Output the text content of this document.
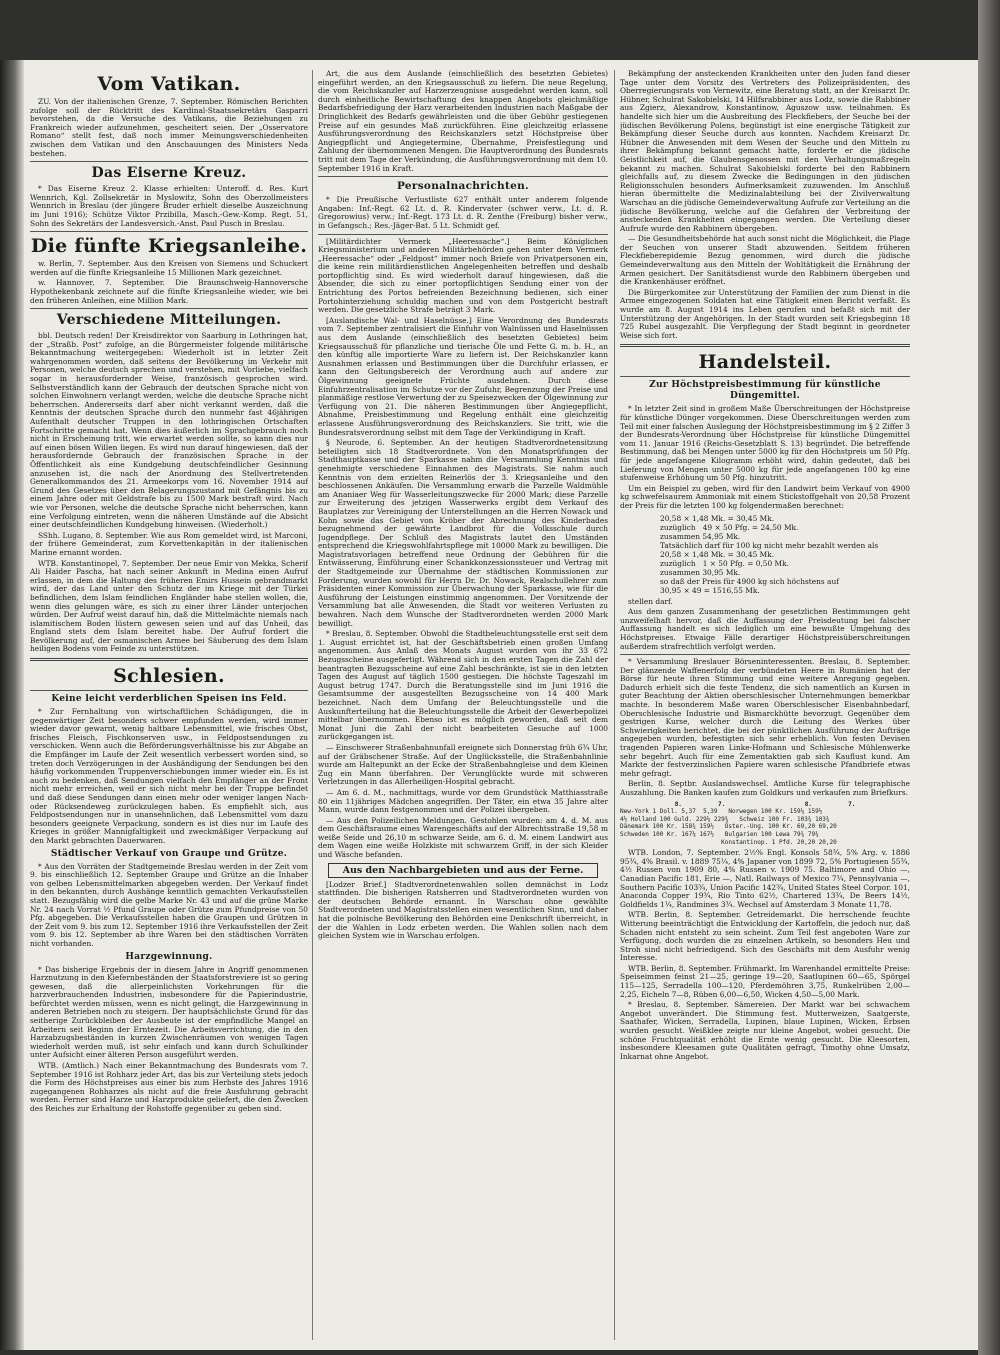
Vom Vatikan.

ZU. Von der italienischen Grenze, 7. September. Römischen Berichten zufolge soll der Rücktritt des Kardinal-Staatssekretärs Gasparri bevorstehen, da die Versuche des Vatikans, die Beziehungen zu Frankreich wieder aufzunehmen, gescheitert seien. Der „Osservatore Romano“ stellt fest, daß noch immer Meinungsverschiedenheiten zwischen dem Vatikan und den Anschauungen des Ministers Neda bestehen.

Das Eiserne Kreuz.

* Das Eiserne Kreuz 2. Klasse erhielten: Unteroff. d. Res. Kurt Wennrich, Kgl. Zollsekretär in Myslowitz, Sohn des Oberzollmeisters Wennrich in Breslau (der jüngere Bruder erhielt dieselbe Auszeichnung im Juni 1916); Schütze Viktor Przibilla, Masch.-Gew.-Komp. Regt. 51, Sohn des Sekretärs der Landesversich.-Anst. Paul Pusch in Breslau.

Die fünfte Kriegsanleihe.

w. Berlin, 7. September. Aus den Kreisen von Siemens und Schuckert werden auf die fünfte Kriegsanleihe 15 Millionen Mark gezeichnet.

w. Hannover, 7. September. Die Braunschweig-Hannoversche Hypothekenbank zeichnete auf die fünfte Kriegsanleihe wieder, wie bei den früheren Anleihen, eine Million Mark.

Verschiedene Mitteilungen.

bbl. Deutsch reden! Der Kreisdirektor von Saarburg in Lothringen hat, der „Straßb. Post“ zufolge, an die Bürgermeister folgende militärische Bekanntmachung weitergegeben: Wiederholt ist in letzter Zeit wahrgenommen worden, daß seitens der Bevölkerung im Verkehr mit Personen, welche deutsch sprechen und verstehen, mit Vorliebe, vielfach sogar in herausfordernder Weise, französisch gesprochen wird. Selbstverständlich kann der Gebrauch der deutschen Sprache nicht von solchen Einwohnern verlangt werden, welche die deutsche Sprache nicht beherrschen. Andererseits darf aber nicht verkannt werden, daß die Kenntnis der deutschen Sprache durch den nunmehr fast 46jährigen Aufenthalt deutscher Truppen in den lothringischen Ortschaften Fortschritte gemacht hat. Wenn dies äußerlich im Sprachgebrauch noch nicht in Erscheinung tritt, wie erwartet werden sollte, so kann dies nur auf einen bösen Willen liegen. Es wird nun darauf hingewiesen, daß der herausfordernde Gebrauch der französischen Sprache in der Öffentlichkeit als eine Kundgebung deutschfeindlicher Gesinnung anzusehen ist, die nach der Anordnung des Stellvertretenden Generalkommandos des 21. Armeekorps vom 16. November 1914 auf Grund des Gesetzes über den Belagerungszustand mit Gefängnis bis zu einem Jahre oder mit Geldstrafe bis zu 1500 Mark bestraft wird. Nach wie vor Personen, welche die deutsche Sprache nicht beherrschen, kann eine Verfolgung eintreten, wenn die näheren Umstände auf die Absicht einer deutschfeindlichen Kundgebung hinweisen. (Wiederholt.)

SShh. Lugano, 8. September. Wie aus Rom gemeldet wird, ist Marconi, der frühere Gemeinderat, zum Korvettenkapitän in der italienischen Marine ernannt worden.

WTB. Konstantinopel, 7. September. Der neue Emir von Mekka, Scherif Ali Haider Pascha, hat nach seiner Ankunft in Medina einen Aufruf erlassen, in dem die Haltung des früheren Emirs Hussein gebrandmarkt wird, der das Land unter den Schutz der im Kriege mit der Türkei befindlichen, dem Islam feindlichen Engländer habe stellen wollen, die, wenn dies gelungen wäre, es sich zu einer ihrer Länder unterjochen würden. Der Aufruf weist darauf hin, daß die Mittelmächte niemals nach islamitischem Boden lüstern gewesen seien und auf das Unheil, das England stets dem Islam bereitet habe. Der Aufruf fordert die Bevölkerung auf, der osmanischen Armee bei Säuberung des dem Islam heiligen Bodens vom Feinde zu unterstützen.

Schlesien.
Keine leicht verderblichen Speisen ins Feld.

* Zur Fernhaltung von wirtschaftlichen Schädigungen, die in gegenwärtiger Zeit besonders schwer empfunden werden, wird immer wieder davor gewarnt, wenig haltbare Lebensmittel, wie frisches Obst, frisches Fleisch, Fischkonserven usw., in Feldpostsendungen zu verschicken. Wenn auch die Beförderungsverhältnisse bis zur Abgabe an die Empfänger im Laufe der Zeit wesentlich verbessert worden sind, so treten doch Verzögerungen in der Aushändigung der Sendungen bei den häufig vorkommenden Truppenverschiebungen immer wieder ein. Es ist auch zu bedenken, daß Sendungen vielfach den Empfänger an der Front nicht mehr erreichen, weil er sich nicht mehr bei der Truppe befindet und daß diese Sendungen dann einen mehr oder weniger langen Nach- oder Rücksendeweg zurückzulegen haben. Es empfiehlt sich, aus Feldpostsendungen nur in unansehnlichen, daß Lebensmittel vom dazu besonders geeignete Verpackung, sondern es ist dies nur im Laufe des Krieges in größer Mannigfaltigkeit und zweckmäßiger Verpackung auf den Markt gebrachten Dauerwaren.

Städtischer Verkauf von Graupe und Grütze.

* Aus den Vorräten der Stadtgemeinde Breslau werden in der Zeit vom 9. bis einschließlich 12. September Graupe und Grütze an die Inhaber von gelben Lebensmittelmarken abgegeben werden. Der Verkauf findet in den bekannten, durch Aushänge kenntlich gemachten Verkaufsstellen statt. Bezugsfähig wird die gelbe Marke Nr. 43 und auf die grüne Marke Nr. 24 nach Vorrat ½ Pfund Graupe oder Grütze zum Pfundpreise von 50 Pfg. abgegeben. Die Verkaufsstellen haben die Graupen und Grützen in der Zeit vom 9. bis zum 12. September 1916 ihre Verkaufsstellen der Zeit vom 9. bis 12. September ab ihre Waren bei den städtischen Vorräten nicht vorhanden.

Harzgewinnung.

* Das bisherige Ergebnis der in diesem Jahre in Angriff genommenen Harznutzung in den Kiefernbeständen der Staatsforstreviere ist so gering gewesen, daß die allerpeinlichsten Vorkehrungen für die harzverbrauchenden Industrien, insbesondere für die Papierindustrie, befürchtet werden müssen, wenn es nicht gelingt, die Harzgewinnung in anderen Betrieben noch zu steigern. Der hauptsächlichste Grund für das seitherige Zurückbleiben der Ausbeute ist der empfindliche Mangel an Arbeitern seit Beginn der Erntezeit. Die Arbeitsverrichtung, die in den Harzabzugsbeständen in kurzen Zwischenräumen von wenigen Tagen wiederholt werden muß, ist sehr einfach und kann durch Schulkinder unter Aufsicht einer älteren Person ausgeführt werden.

WTB. (Amtlich.) Nach einer Bekanntmachung des Bundesrats vom 7. September 1916 ist Rohharz jeder Art, das bis zur Verteilung stets jedoch die Form des Höchstpreises aus einer bis zum Herbste des Jahres 1916 zugegangenen Rohharzes als nicht auf die freie Ausfuhrung gebracht worden. Ferner sind Harze und Harzprodukte geliefert, die den Zwecken des Reiches zur Erhaltung der Rohstoffe gegenüber zu geben sind.

Art, die aus dem Auslande (einschließlich des besetzten Gebietes) eingeführt werden, an den Kriegsausschuß zu liefern. Die neue Regelung, die vom Reichskanzler auf Harzerzeugnisse ausgedehnt werden kann, soll durch einheitliche Bewirtschaftung des knappen Angebots gleichmäßige Bedarfsbefriedigung der Harz verarbeitenden Industrien nach Maßgabe der Dringlichkeit des Bedarfs gewährleisten und die über Gebühr gestiegenen Preise auf ein gesundes Maß zurückführen. Eine gleichzeitig erlassene Ausführungsverordnung des Reichskanzlers setzt Höchstpreise über Angiegpflicht und Angiegetermine, Übernahme, Preisfestlegung und Zahlung der übernommenen Mengen. Die Hauptverordnung des Bundesrats tritt mit dem Tage der Verkündung, die Ausführungsverordnung mit dem 10. September 1916 in Kraft.

Personalnachrichten.

* Die Preußische Verlustliste 627 enthält unter anderem folgende Angaben: Inf.-Regt. 62 Lt. d. R. Kindervater (schwer verw., Lt. d. R. Gregorowius) verw.; Inf.-Regt. 173 Lt. d. R. Zenthe (Freiburg) bisher verw., in Gefangsch.; Res.-Jäger-Bat. 5 Lt. Schmidt gef.

[Militärdichter Vermerk „Heeressache“.] Beim Königlichen Kriegsministerium und anderen Militärbehörden gehen unter dem Vermerk „Heeressache“ oder „Feldpost“ immer noch Briefe von Privatpersonen ein, die keine rein militärdienstlichen Angelegenheiten betreffen und deshalb portopflichtig sind. Es wird wiederholt darauf hingewiesen, daß die Absender, die sich zu einer portopflichtigen Sendung einer von der Entrichtung des Portos befreienden Bezeichnung bedienen, sich einer Portohinterziehung schuldig machen und von dem Postgericht bestraft werden. Die gesetzliche Strafe beträgt 3 Mark.

[Auslandische Wal- und Haselnüsse.] Eine Verordnung des Bundesrats vom 7. September zentralisiert die Einfuhr von Walnüssen und Haselnüssen aus dem Auslande (einschließlich des besetzten Gebietes) beim Kriegsausschuß für pflanzliche und tierische Öle und Fette G. m. b. H., an den künftig alle importierte Ware zu liefern ist. Der Reichskanzler kann Ausnahmen erlassen und Bestimmungen über die Durchfuhr erlassen, er kann den Geltungsbereich der Verordnung auch auf andere zur Ölgewinnung geeignete Früchte ausdehnen. Durch diese Einfuhrzentralisation im Schutze vor der Zufuhr, Begrenzung der Preise und planmäßige restlose Verwertung der zu Speisezwecken der Ölgewinnung zur Verfügung von 21. Die näheren Bestimmungen über Angiegepflicht, Abnahme, Preisbestimmung und Regelung enthält eine gleichzeitig erlassene Ausführungsverordnung des Reichskanzlers. Sie tritt, wie die Bundesratsverordnung selbst mit dem Tage der Verkündigung in Kraft.

§ Neurode, 6. September. An der heutigen Stadtverordnetensitzung beteiligten sich 18 Stadtverordnete. Von den Monatsprüfungen der Stadthauptkasse und der Sparkasse nahm die Versammlung Kenntnis und genehmigte verschiedene Einnahmen des Magistrats. Sie nahm auch Kenntnis von dem erzielten Reinerlös der 3. Kriegsanleihe und den beschlossenen Ankäufen. Die Versammlung erwarb die Parzelle Waldmühle am Ananiaer Weg für Wasserleitungszwecke für 2000 Mark; diese Parzelle zur Erweiterung des jetzigen Wasserwerks ergibt dem Verkauf des Bauplatzes zur Vereinigung der Unterstellungen an die Herren Nowack und Kohn sowie das Gebiet von Kröber der Abrechnung des Kinderbades bezugnehmend der gewährte Landbrot für die Volksschule durch Jugendpflege. Der Schluß des Magistrats lautet den Umständen entsprechend die Kriegswohlfahrtspflege mit 10000 Mark zu bewilligen. Die Magistratsvorlagen betreffend neue Ordnung der Gebühren für die Entwässerung, Einführung einer Schankkonzessionssteuer und Vertrag mit der Stadtgemeinde zur Übernahme der städtischen Kommissionen zur Forderung, wurden sowohl für Herrn Dr. Dr. Nowack, Realschullehrer zum Präsidenten einer Kommission zur Überwachung der Sparkasse, wie für die Ausführung der Leistungen einstimmig angenommen. Der Vorsitzende der Versammlung bat alle Anwesenden, die Stadt vor weiteren Verlusten zu bewahren. Nach dem Wunsche der Stadtverordneten werden 2000 Mark bewilligt.

* Breslau, 8. September. Obwohl die Stadtbeleuchtungsstelle erst seit dem 1. August errichtet ist, hat der Geschäftsbetrieb einen großen Umfang angenommen. Aus Anlaß des Monats August wurden von ihr 33 672 Bezugsscheine ausgefertigt. Während sich in den ersten Tagen die Zahl der beantragten Bezugsscheine auf eine Zahl beschränkte, ist sie in den letzten Tagen des August auf täglich 1500 gestiegen. Die höchste Tageszahl im August betrug 1747. Durch die Beratungsstelle sind im Juni 1916 die Gesamtsumme der ausgestellten Bezugsscheine von 14 400 Mark bezeichnet. Nach dem Umfang der Beleuchtungsstelle und die Auskunfterteilung hat die Beleuchtungsstelle die Arbeit der Gewerbepolizei mittelbar übernommen. Ebenso ist es möglich geworden, daß seit dem Monat Juni die Zahl der nicht bearbeiteten Gesuche auf 1000 zurückgegangen ist.

— Einschwerer Straßenbahnunfall ereignete sich Donnerstag früh 6¾ Uhr, auf der Gräbschener Straße. Auf der Unglücksstelle, die Straßenbahnlinie wurde am Haltepunkt an der Ecke der Straßenbahngleise und dem Kleinen Zug ein Mann überfahren. Der Verunglückte wurde mit schweren Verletzungen in das Allerheiligen-Hospital gebracht.

— Am 6. d. M., nachmittags, wurde vor dem Grundstück Matthiasstraße 80 ein 11jähriges Mädchen angegriffen. Der Täter, ein etwa 35 Jahre alter Mann, wurde dann festgenommen und der Polizei übergeben.

— Aus den Polizeilichen Meldungen. Gestohlen wurden: am 4. d. M. aus dem Geschäftsraume eines Warengeschäfts auf der Albrechtsstraße 19,58 m weiße Seide und 26,10 m schwarze Seide, am 6. d. M. einem Landwirt aus dem Wagen eine weiße Holzkiste mit schwarzem Griff, in der sich Kleider und Wäsche befanden.

Aus den Nachbargebieten und aus der Ferne.

[Lodzer Brief.] Stadtverordnetenwahlen sollen demnächst in Lodz stattfinden. Die bisherigen Ratsherren und Stadtverordneten wurden von der deutschen Behörde ernannt. In Warschau ohne gewählte Stadtverordneten und Magistratsstellen einen wesentlichen Sinn, und daher hat die polnische Bevölkerung den Behörden eine Denkschrift überreicht, in der die Wahlen in Lodz erbeten werden. Die Wahlen sollen nach dem gleichen System wie in Warschau erfolgen.

Bekämpfung der ansteckenden Krankheiten unter den Juden fand dieser Tage unter dem Vorsitz des Vertreters des Polizeipräsidenten, des Oberregierungsrats von Vernewitz, eine Beratung statt, an der Kreisarzt Dr. Hübner, Schulrat Sakobielski, 14 Hilfsrabbiner aus Lodz, sowie die Rabbiner aus Zgierz, Alexandrow, Konstantinow, Aguszow usw. teilnahmen. Es handelte sich hier um die Ausbreitung des Fleckfiebers, der Seuche bei der jüdischen Bevölkerung Polens, begünstigt ist eine energische Tätigkeit zur Bekämpfung dieser Seuche durch aus konnten. Nachdem Kreisarzt Dr. Hübner die Anwesenden mit dem Wesen der Seuche und den Mitteln zu ihrer Bekämpfung bekannt gemacht hatte, forderte er die jüdische Geistlichkeit auf, die Glaubensgenossen mit den Verhaltungsmaßregeln bekannt zu machen. Schulrat Sakobielski forderte bei den Rabbinern gleichfalls auf, zu diesem Zwecke die Bedingungen in den jüdischen Religionsschulen besonders Aufmerksamkeit zuzuwenden. Im Anschluß hieran übermittelte die Medizinalabteilung bei der Zivilverwaltung Warschau an die jüdische Gemeindeverwaltung Aufrufe zur Verteilung an die jüdische Bevölkerung, welche auf die Gefahren der Verbreitung der ansteckenden Krankheiten eingegangen werden. Die Verteilung dieser Aufrufe wurde den Rabbinern übergeben.

— Die Gesundheitsbehörde hat auch sonst nicht die Möglichkeit, die Plage der Seuchen von unserer Stadt abzuwenden. Seitdem früheren Fleckfieberepidemie Bezug genommen, wird durch die jüdische Gemeindeverwaltung aus den Mitteln der Wohltätigkeit die Ernährung der Armen gesichert. Der Sanitätsdienst wurde den Rabbinern übergeben und die Krankenhäuser eröffnet.

Die Bürgerkomitee zur Unterstützung der Familien der zum Dienst in die Armee eingezogenen Soldaten hat eine Tätigkeit einen Bericht verfaßt. Es wurde am 8. August 1914 ins Leben gerufen und befaßt sich mit der Unterstützung der Angehörigen. In der Stadt wurden seit Kriegsbeginn 18 725 Rubel ausgezahlt. Die Verpflegung der Stadt beginnt in geordneter Weise sich fort.

Handelsteil.
Zur Höchstpreisbestimmung für künstliche Düngemittel.

* In letzter Zeit sind in großem Maße Überschreitungen der Höchstpreise für künstliche Dünger vorgekommen. Diese Überschreitungen werden zum Teil mit einer falschen Auslegung der Höchstpreisbestimmung im § 2 Ziffer 3 der Bundesrats-Verordnung über Höchstpreise für künstliche Düngemittel vom 11. Januar 1916 (Reichs-Gesetzblatt S. 13) begründet. Die betreffende Bestimmung, daß bei Mengen unter 5000 kg für den Höchstpreis um 50 Pfg. für jede angefangene Kilogramm erhöht wird, dahin gedeutet, daß bei Lieferung von Mengen unter 5000 kg für jede angefangenen 100 kg eine stufenweise Erhöhung um 50 Pfg. hinzutritt.

Um ein Beispiel zu geben, wird für den Landwirt beim Verkauf von 4900 kg schwefelsaurem Ammoniak mit einem Stickstoffgehalt von 20,58 Prozent der Preis für die letzten 100 kg folgendermaßen berechnet:

20,58 × 1,48 Mk. = 30,45 Mk.
zuzüglich   49 × 50 Pfg. = 24,50 Mk.
zusammen 54,95 Mk.
Tatsächlich darf für 100 kg nicht mehr bezahlt werden als
20,58 × 1,48 Mk. = 30,45 Mk.
zuzüglich   1 × 50 Pfg. = 0,50 Mk.
zusammen 30,95 Mk.
so daß der Preis für 4900 kg sich höchstens auf
30,95 × 49 = 1516,55 Mk.

stellen darf.

Aus dem ganzen Zusammenhang der gesetzlichen Bestimmungen geht unzweifelhaft hervor, daß die Auffassung der Preisdeutung bei falscher Auffassung handelt es sich lediglich um eine bewußte Umgehung des Höchstpreises. Etwaige Fälle derartiger Höchstpreisüberschreitungen außerdem strafrechtlich verfolgt werden.

* Versammlung Breslauer Börseninteressenten. Breslau, 8. September. Der glänzende Waffenerfolg der verbündeten Heere in Rumänien hat der Börse für heute ihren Stimmung und eine weitere Anregung gegeben. Dadurch erhielt sich die feste Tendenz, die sich namentlich an Kursen in guter Beachtung der Aktien oberschlesischer Unternehmungen bemerkbar machte. In besonderem Maße waren Oberschlesischer Eisenbahnbedarf, Oberschlesische Industrie und Bismarckhütte bevorzugt. Gegenüber dem gestrigen Kurse, welcher durch die Leitung des Werkes über Schwierigkeiten berichtet, die bei der pünktlichen Ausführung der Aufträge angegeben wurden, befestigten sich sehr erheblich. Von festen Devisen tragenden Papieren waren Linke-Hofmann und Schlesische Mühlenwerke sehr begehrt. Auch für eine Zementaktien gab sich Kauflust kund. Am Markte der festverzinslichen Papiere waren schlesische Pfandbriefe etwas mehr gefragt.

Berlin, 8. Septbr. Auslandswechsel. Amtliche Kurse für telegraphische Auszahlung. Die Banken kaufen zum Goldkurs und verkaufen zum Briefkurs.

8.          7.                      8.          7.
New-York 1 Doll. 5,37  5,39   Norwegen 100 Kr. 159¼ 159½
4½ Holland 100 Guld. 229¼ 229¾   Schweiz 100 Fr. 103¾ 103¾
Dänemark 100 Kr. 158¾ 159½   Öster.-Ung. 100 Kr. 69,20 69,20
Schweden 100 Kr. 167¼ 167½   Bulgarien 100 Lewa 79¾ 79¾
Konstantinop. 1 Pfd. 20,20 20,20

WTB. London, 7. September. 2½% Engl. Konsols 58¾, 5% Arg. v. 1886 95¾, 4% Brasil. v. 1889 75¼, 4% Japaner von 1899 72, 5% Portugiesen 55¾, 4½ Russen von 1909 80, 4% Russen v. 1909 75. Baltimore and Ohio —, Canadian Pacific 181, Erie —, Natl. Railways of Mexico 7¾, Pennsylvania —, Southern Pacific 103¾, Union Pacific 142¾, United States Steel Corpor. 101, Anaconda Copper 19¾, Rio Tinto 62½, Chartered 13¾, De Beers 14½, Goldfields 1¼, Randmines 3¾. Wechsel auf Amsterdam 3 Monate 11,78.

WTB. Berlin, 8. September. Getreidemarkt. Die herrschende feuchte Witterung beeinträchtigt die Entwicklung der Kartoffeln, die jedoch nur, daß Schaden nicht entsteht zu sein scheint. Zum Teil fest angeboten Ware zur Verfügung, doch wurden die zu einzelnen Artikeln, so besonders Heu und Stroh sind nicht befriedigend. Sich des Geschäfts mit dem Ausfuhr wenig Interesse.

WTB. Berlin, 8. September. Frühmarkt. Im Warenhandel ermittelte Preise: Speiseimmen feinst 21—25, geringe 19—20, Saatlupinen 60—65, Spörgel 115—125, Serradella 100—120, Pferdemöhren 3,75, Runkelrüben 2,00—2,25, Eicheln 7—8, Rüben 6,00—6,50, Wicken 4,50—5,00 Mark.

* Breslau, 8. September. Sämereien. Der Markt war bei schwachem Angebot unverändert. Die Stimmung fest. Mutterweizen, Saatgerste, Saathafer, Wicken, Serradella, Lupinen, blaue Lupinen, Wicken, Erbsen wurden gesucht. Weißklee zeigte nur kleine Angebot, wobei gesucht. Die schöne Fruchtqualität erhöht die Ernte wenig gesucht. Die Kleesorten, insbesondere Kleesamen gute Qualitäten gefragt, Timothy ohne Umsatz, Inkarnat ohne Angebot.
